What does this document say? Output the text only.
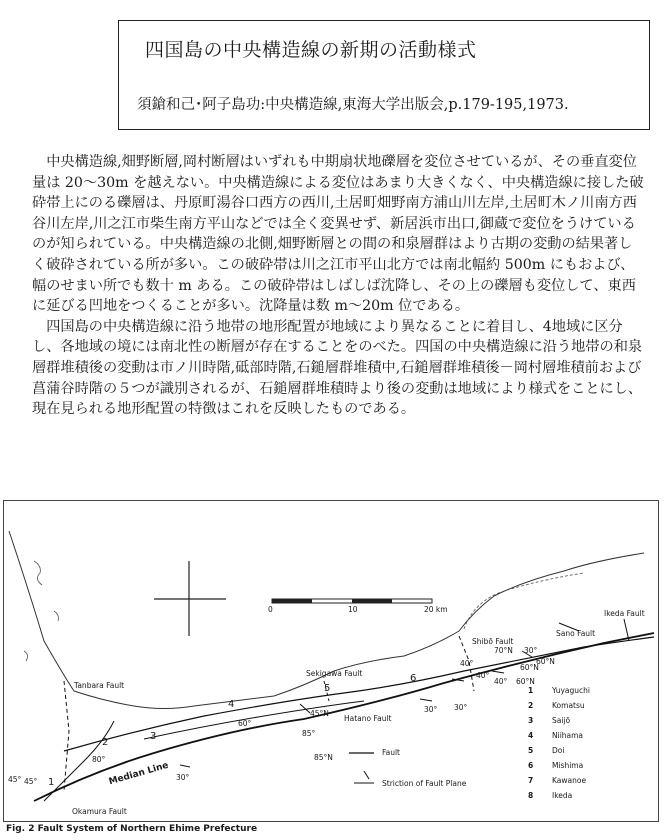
四国島の中央構造線の新期の活動様式
須鎗和己･阿子島功:中央構造線,東海大学出版会,p.179-195,1973.

中央構造線,畑野断層,岡村断層はいずれも中期扇状地礫層を変位させているが、その垂直変位量は 20～30m を越えない。中央構造線による変位はあまり大きくなく、中央構造線に接した破砕帯上にのる礫層は、丹原町湯谷口西方の西川,土居町畑野南方浦山川左岸,土居町木ノ川南方西谷川左岸,川之江市柴生南方平山などでは全く変異せず、新居浜市出口,御蔵で変位をうけているのが知られている。中央構造線の北側,畑野断層との間の和泉層群はより古期の変動の結果著しく破砕されている所が多い。この破砕帯は川之江市平山北方では南北幅約 500m にもおよび、幅のせまい所でも数十 m ある。この破砕帯はしばしば沈降し、その上の礫層も変位して、東西に延びる凹地をつくることが多い。沈降量は数 m～20m 位である。

四国島の中央構造線に沿う地帯の地形配置が地域により異なることに着目し、4地域に区分し、各地域の境には南北性の断層が存在することをのべた。四国の中央構造線に沿う地帯の和泉層群堆積後の変動は市ノ川時階,砥部時階,石鎚層群堆積中,石鎚層群堆積後－岡村層堆積前および菖蒲谷時階の５つが識別されるが、石鎚層群堆積時より後の変動は地域により様式をことにし、現在見られる地形配置の特徴はこれを反映したものである。

0	10	20 km
Tanbara Fault
Okamura Fault
Hatano Fault
Sekigawa Fault
Shibō Fault
Sano Fault
Ikeda Fault
Median Line
1
2
3
4
5
6
45° 45°
80°
60°
30°
85°
30°
60°N
70°N 30°
40°
60°N
40°
40°
30°
45°N
60°N
85°N
Fault
Striction of Fault Plane
1	Yuyaguchi
2	Komatsu
3	Saijō
4	Niihama
5	Doi
6	Mishima
7	Kawanoe
8	Ikeda
Fig. 2 Fault System of Northern Ehime Prefecture
